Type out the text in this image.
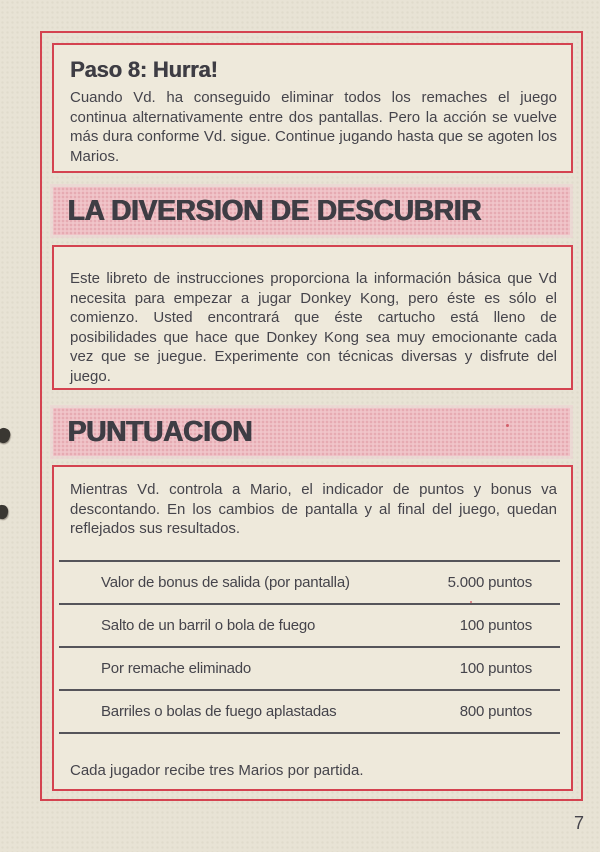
Paso 8: Hurra!

Cuando Vd. ha conseguido eliminar todos los remaches el juego continua alternativamente entre dos pantallas. Pero la acción se vuelve más dura conforme Vd. sigue. Continue jugando hasta que se agoten los Marios.

LA DIVERSION DE DESCUBRIR

Este libreto de instrucciones proporciona la información básica que Vd necesita para empezar a jugar Donkey Kong, pero éste es sólo el comienzo. Usted encontrará que éste cartucho está lleno de posibilidades que hace que Donkey Kong sea muy emocionante cada vez que se juegue. Experimente con técnicas diversas y disfrute del juego.

PUNTUACION

Mientras Vd. controla a Mario, el indicador de puntos y bonus va descontando. En los cambios de pantalla y al final del juego, quedan reflejados sus resultados.

Valor de bonus de salida (por pantalla)	5.000 puntos
Salto de un barril o bola de fuego	100 puntos
Por remache eliminado	100 puntos
Barriles o bolas de fuego aplastadas	800 puntos
Cada jugador recibe tres Marios por partida.
7
